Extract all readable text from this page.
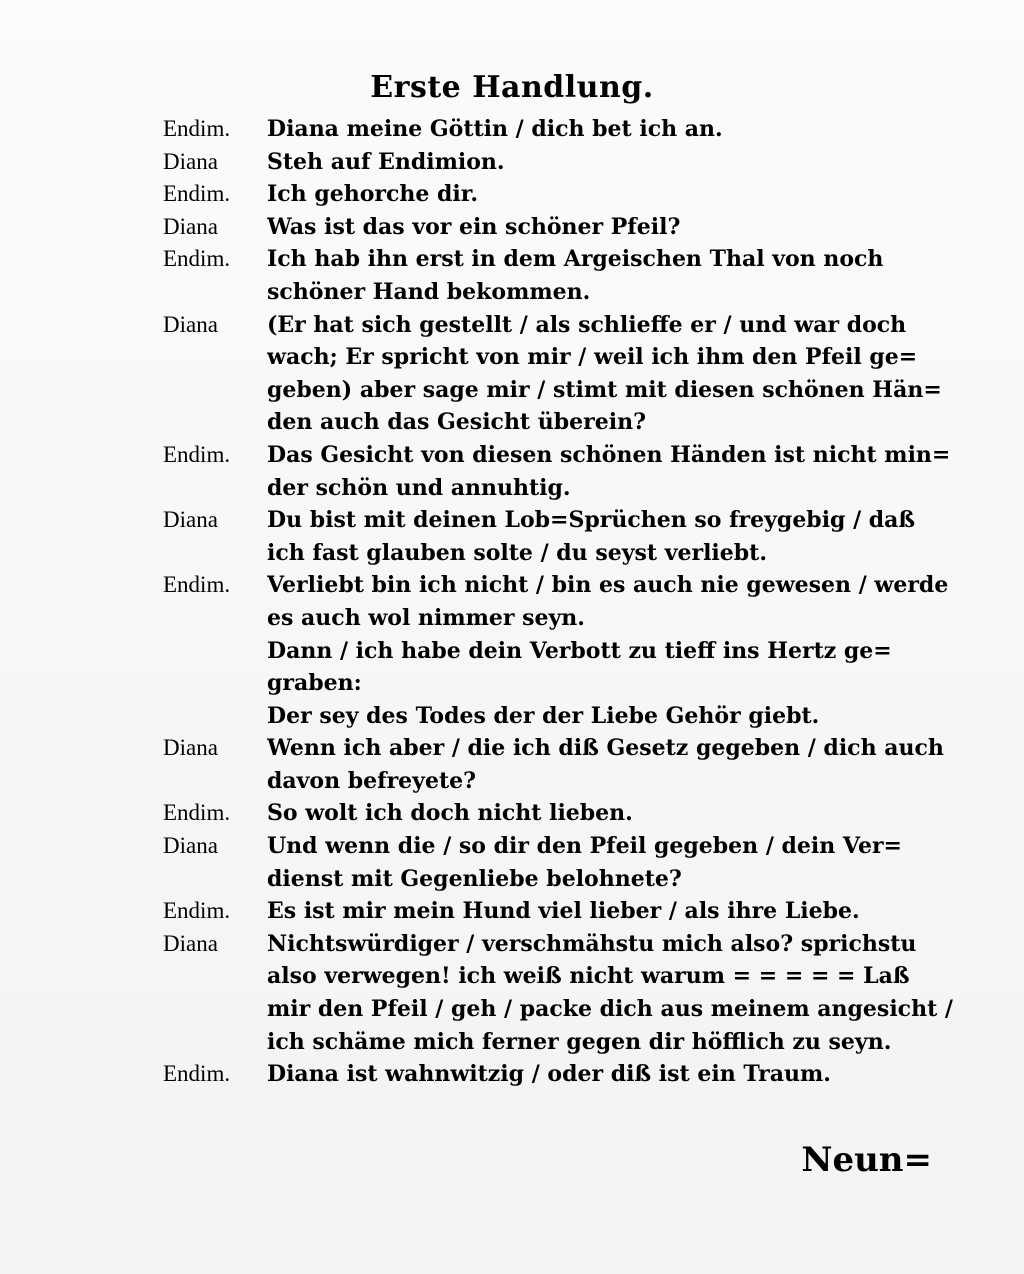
Erste Handlung.
Endim.	Diana meine Göttin / dich bet ich an.
Diana	Steh auf Endimion.
Endim.	Ich gehorche dir.
Diana	Was ist das vor ein schöner Pfeil?
Endim.	Ich hab ihn erst in dem Argeischen Thal von noch
schöner Hand bekommen.
Diana	(Er hat sich gestellt / als schlieffe er / und war doch
wach; Er spricht von mir / weil ich ihm den Pfeil ge=
geben) aber sage mir / stimt mit diesen schönen Hän=
den auch das Gesicht überein?
Endim.	Das Gesicht von diesen schönen Händen ist nicht min=
der schön und annuhtig.
Diana	Du bist mit deinen Lob=Sprüchen so freygebig / daß
ich fast glauben solte / du seyst verliebt.
Endim.	Verliebt bin ich nicht / bin es auch nie gewesen / werde
es auch wol nimmer seyn.
Dann / ich habe dein Verbott zu tieff ins Hertz ge=
graben:
Der sey des Todes der der Liebe Gehör giebt.
Diana	Wenn ich aber / die ich diß Gesetz gegeben / dich auch
davon befreyete?
Endim.	So wolt ich doch nicht lieben.
Diana	Und wenn die / so dir den Pfeil gegeben / dein Ver=
dienst mit Gegenliebe belohnete?
Endim.	Es ist mir mein Hund viel lieber / als ihre Liebe.
Diana	Nichtswürdiger / verschmähstu mich also? sprichstu
also verwegen! ich weiß nicht warum = = = = = Laß
mir den Pfeil / geh / packe dich aus meinem angesicht /
ich schäme mich ferner gegen dir höfflich zu seyn.
Endim.	Diana ist wahnwitzig / oder diß ist ein Traum.
Neun=
